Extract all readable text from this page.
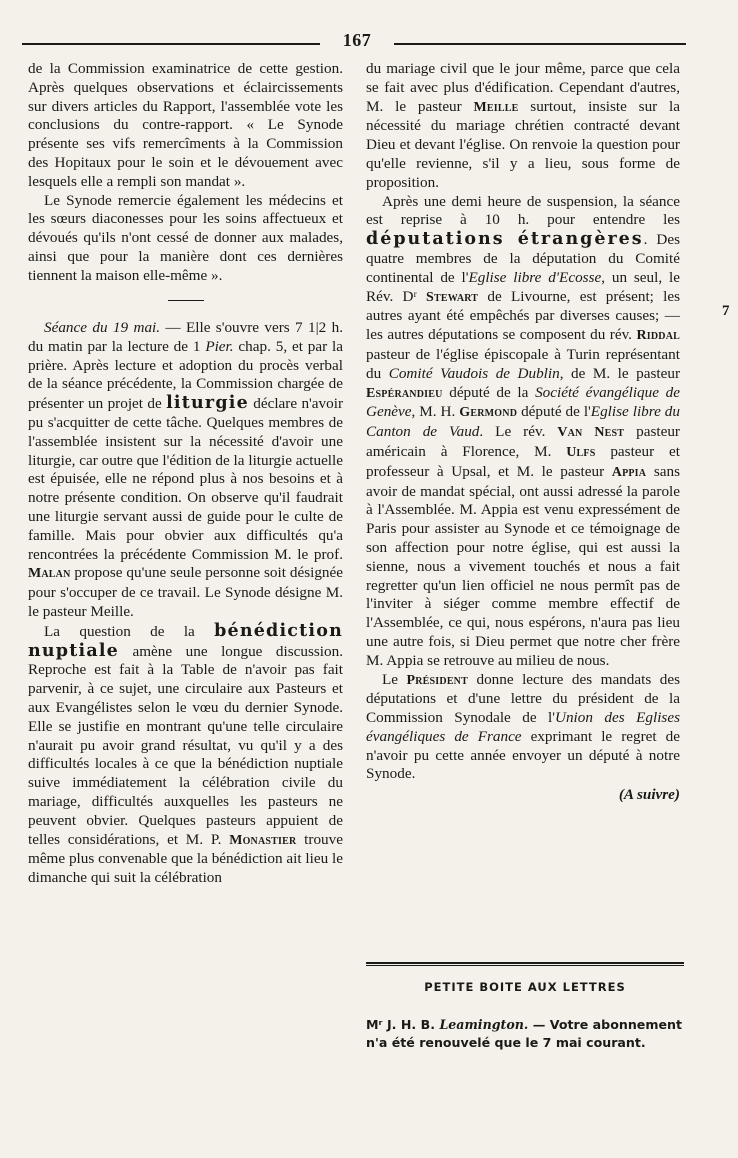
167

de la Commission examinatrice de cette gestion. Après quelques observations et éclaircissements sur divers articles du Rapport, l'assemblée vote les conclusions du contre-rapport. « Le Synode présente ses vifs remercîments à la Commission des Hopitaux pour le soin et le dévouement avec lesquels elle a rempli son mandat ».

Le Synode remercie également les médecins et les sœurs diaconesses pour les soins affectueux et dévoués qu'ils n'ont cessé de donner aux malades, ainsi que pour la manière dont ces dernières tiennent la maison elle-même ».

Séance du 19 mai. — Elle s'ouvre vers 7 1|2 h. du matin par la lecture de 1 Pier. chap. 5, et par la prière. Après lecture et adoption du procès verbal de la séance précédente, la Commission chargée de présenter un projet de liturgie déclare n'avoir pu s'acquitter de cette tâche. Quelques membres de l'assemblée insistent sur la nécessité d'avoir une liturgie, car outre que l'édition de la liturgie actuelle est épuisée, elle ne répond plus à nos besoins et à notre présente condition. On observe qu'il faudrait une liturgie servant aussi de guide pour le culte de famille. Mais pour obvier aux difficultés qu'a rencontrées la précédente Commission M. le prof. Malan propose qu'une seule personne soit désignée pour s'occuper de ce travail. Le Synode désigne M. le pasteur Meille.

La question de la bénédiction nuptiale amène une longue discussion. Reproche est fait à la Table de n'avoir pas fait parvenir, à ce sujet, une circulaire aux Pasteurs et aux Evangélistes selon le vœu du dernier Synode. Elle se justifie en montrant qu'une telle circulaire n'aurait pu avoir grand résultat, vu qu'il y a des difficultés locales à ce que la bénédiction nuptiale suive immédiatement la célébration civile du mariage, difficultés auxquelles les pasteurs ne peuvent obvier. Quelques pasteurs appuient de telles considérations, et M. P. Monastier trouve même plus convenable que la bénédiction ait lieu le dimanche qui suit la célébration

du mariage civil que le jour même, parce que cela se fait avec plus d'édification. Cependant d'autres, M. le pasteur Meille surtout, insiste sur la nécessité du mariage chrétien contracté devant Dieu et devant l'église. On renvoie la question pour qu'elle revienne, s'il y a lieu, sous forme de proposition.

Après une demi heure de suspension, la séance est reprise à 10 h. pour entendre les députations étrangères. Des quatre membres de la députation du Comité continental de l'Eglise libre d'Ecosse, un seul, le Rév. Dʳ Stewart de Livourne, est présent; les autres ayant été empêchés par diverses causes; — les autres députations se composent du rév. Riddal pasteur de l'église épiscopale à Turin représentant du Comité Vaudois de Dublin, de M. le pasteur Espérandieu député de la Société évangélique de Genève, M. H. Germond député de l'Eglise libre du Canton de Vaud. Le rév. Van Nest pasteur américain à Florence, M. Ulfs pasteur et professeur à Upsal, et M. le pasteur Appia sans avoir de mandat spécial, ont aussi adressé la parole à l'Assemblée. M. Appia est venu expressément de Paris pour assister au Synode et ce témoignage de son affection pour notre église, qui est aussi la sienne, nous a vivement touchés et nous a fait regretter qu'un lien officiel ne nous permît pas de l'inviter à siéger comme membre effectif de l'Assemblée, ce qui, nous espérons, n'aura pas lieu une autre fois, si Dieu permet que notre cher frère M. Appia se retrouve au milieu de nous.

Le Président donne lecture des mandats des députations et d'une lettre du président de la Commission Synodale de l'Union des Eglises évangéliques de France exprimant le regret de n'avoir pu cette année envoyer un député à notre Synode.

(A suivre)
7
PETITE BOITE AUX LETTRES
Mʳ J. H. B. Leamington. — Votre abonnement n'a été renouvelé que le 7 mai courant.
